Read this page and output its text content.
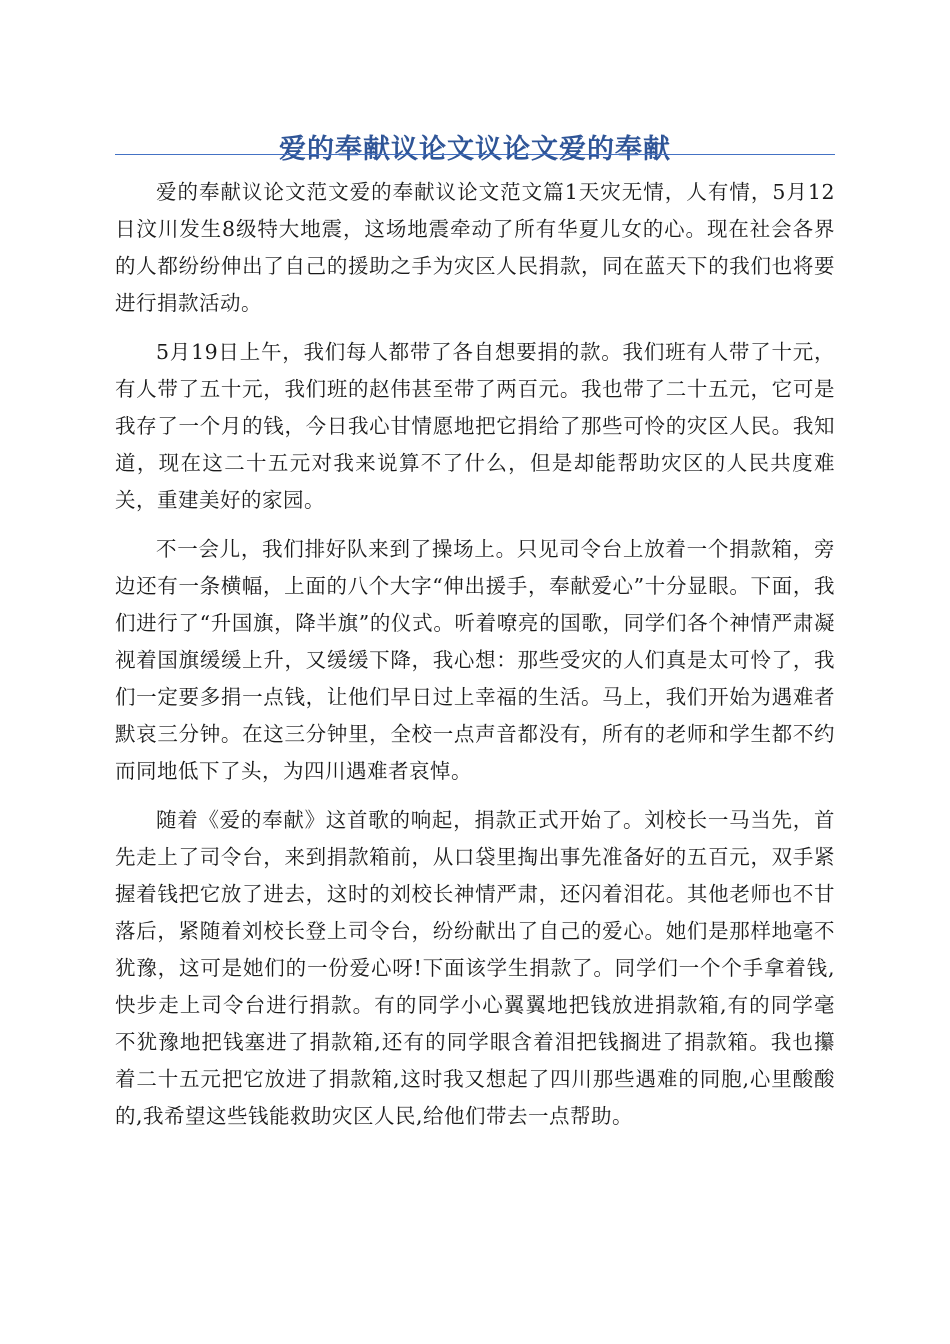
爱的奉献议论文议论文爱的奉献

爱的奉献议论文范文爱的奉献议论文范文篇1天灾无情，人有情，5月12日汶川发生8级特大地震，这场地震牵动了所有华夏儿女的心。现在社会各界的人都纷纷伸出了自己的援助之手为灾区人民捐款，同在蓝天下的我们也将要进行捐款活动。

5月19日上午，我们每人都带了各自想要捐的款。我们班有人带了十元，有人带了五十元，我们班的赵伟甚至带了两百元。我也带了二十五元，它可是我存了一个月的钱，今日我心甘情愿地把它捐给了那些可怜的灾区人民。我知道，现在这二十五元对我来说算不了什么，但是却能帮助灾区的人民共度难关，重建美好的家园。

不一会儿，我们排好队来到了操场上。只见司令台上放着一个捐款箱，旁边还有一条横幅，上面的八个大字“伸出援手，奉献爱心”十分显眼。下面，我们进行了“升国旗，降半旗”的仪式。听着嘹亮的国歌，同学们各个神情严肃凝视着国旗缓缓上升，又缓缓下降，我心想：那些受灾的人们真是太可怜了，我们一定要多捐一点钱，让他们早日过上幸福的生活。马上，我们开始为遇难者默哀三分钟。在这三分钟里，全校一点声音都没有，所有的老师和学生都不约而同地低下了头，为四川遇难者哀悼。

随着《爱的奉献》这首歌的响起，捐款正式开始了。刘校长一马当先，首先走上了司令台，来到捐款箱前，从口袋里掏出事先准备好的五百元，双手紧握着钱把它放了进去，这时的刘校长神情严肃，还闪着泪花。其他老师也不甘落后，紧随着刘校长登上司令台，纷纷献出了自己的爱心。她们是那样地毫不犹豫，这可是她们的一份爱心呀!下面该学生捐款了。同学们一个个手拿着钱,快步走上司令台进行捐款。有的同学小心翼翼地把钱放进捐款箱,有的同学毫不犹豫地把钱塞进了捐款箱,还有的同学眼含着泪把钱搁进了捐款箱。我也攥着二十五元把它放进了捐款箱,这时我又想起了四川那些遇难的同胞,心里酸酸的,我希望这些钱能救助灾区人民,给他们带去一点帮助。
